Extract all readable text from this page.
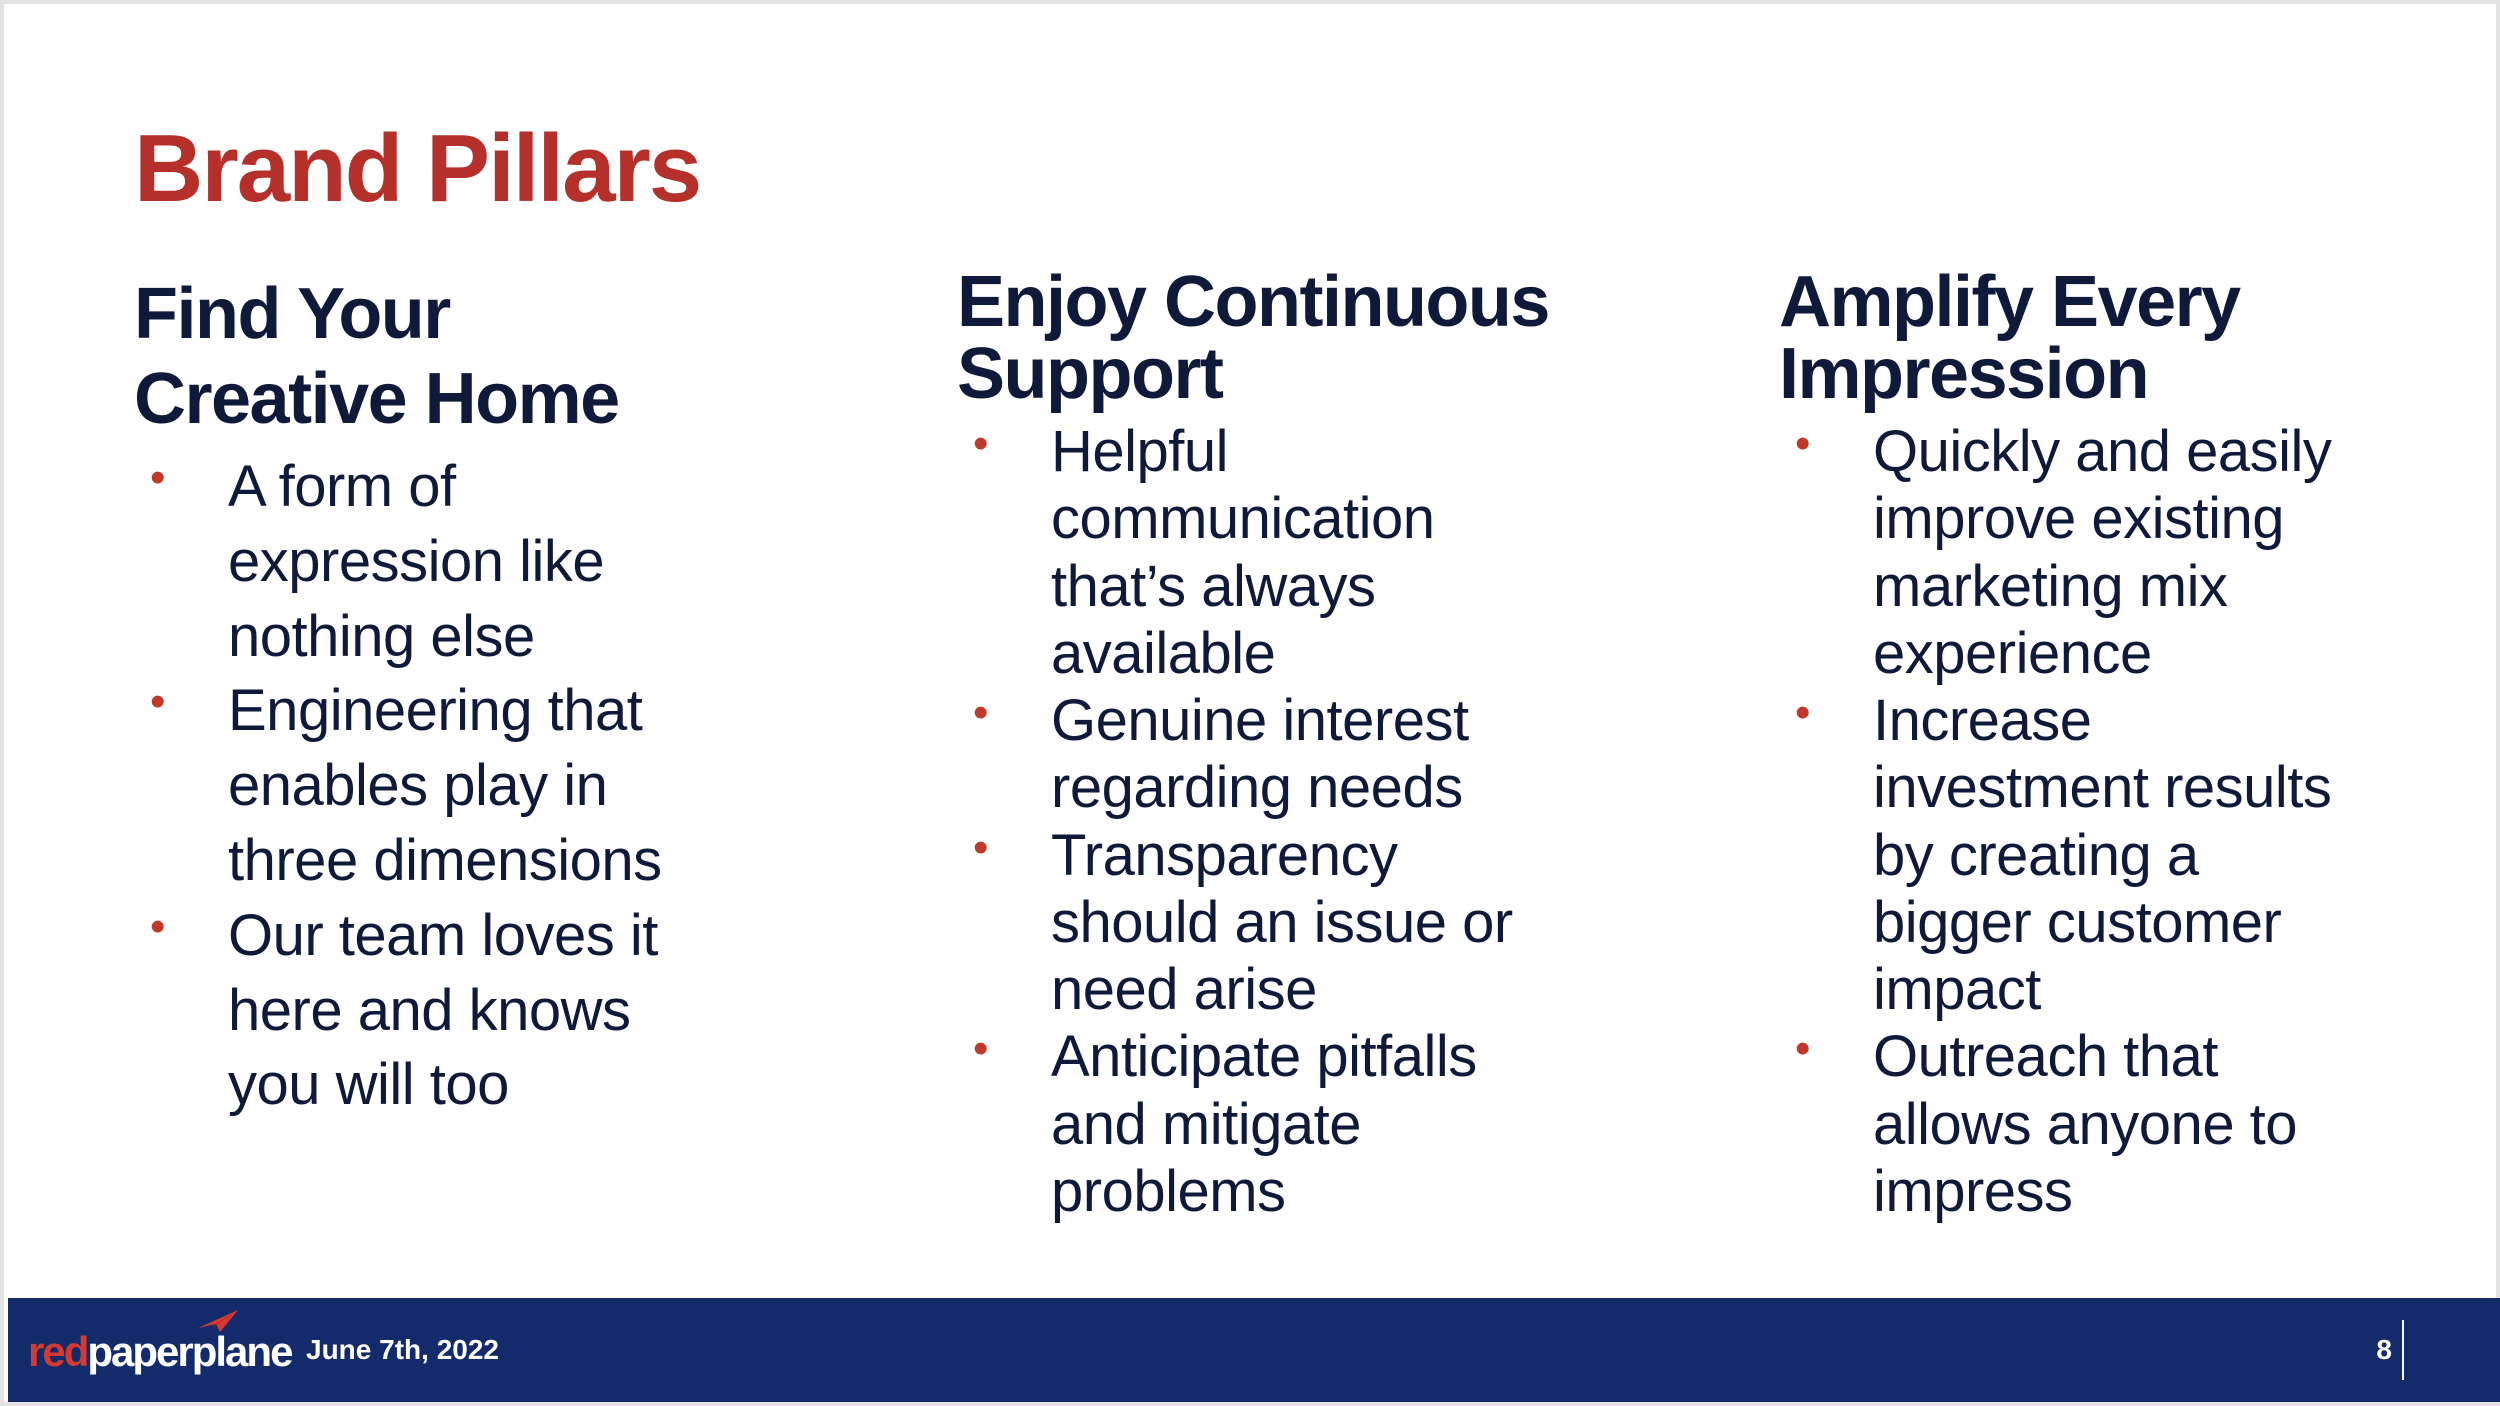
Brand Pillars
Find Your
Creative Home
• A form of
expression like
nothing else
• Engineering that
enables play in
three dimensions
• Our team loves it
here and knows
you will too
Enjoy Continuous
Support
• Helpful
communication
that’s always
available
• Genuine interest
regarding needs
• Transparency
should an issue or
need arise
• Anticipate pitfalls
and mitigate
problems
Amplify Every
Impression
• Quickly and easily
improve existing
marketing mix
experience
• Increase
investment results
by creating a
bigger customer
impact
• Outreach that
allows anyone to
impress
redpaperplane June 7th, 2022	8
